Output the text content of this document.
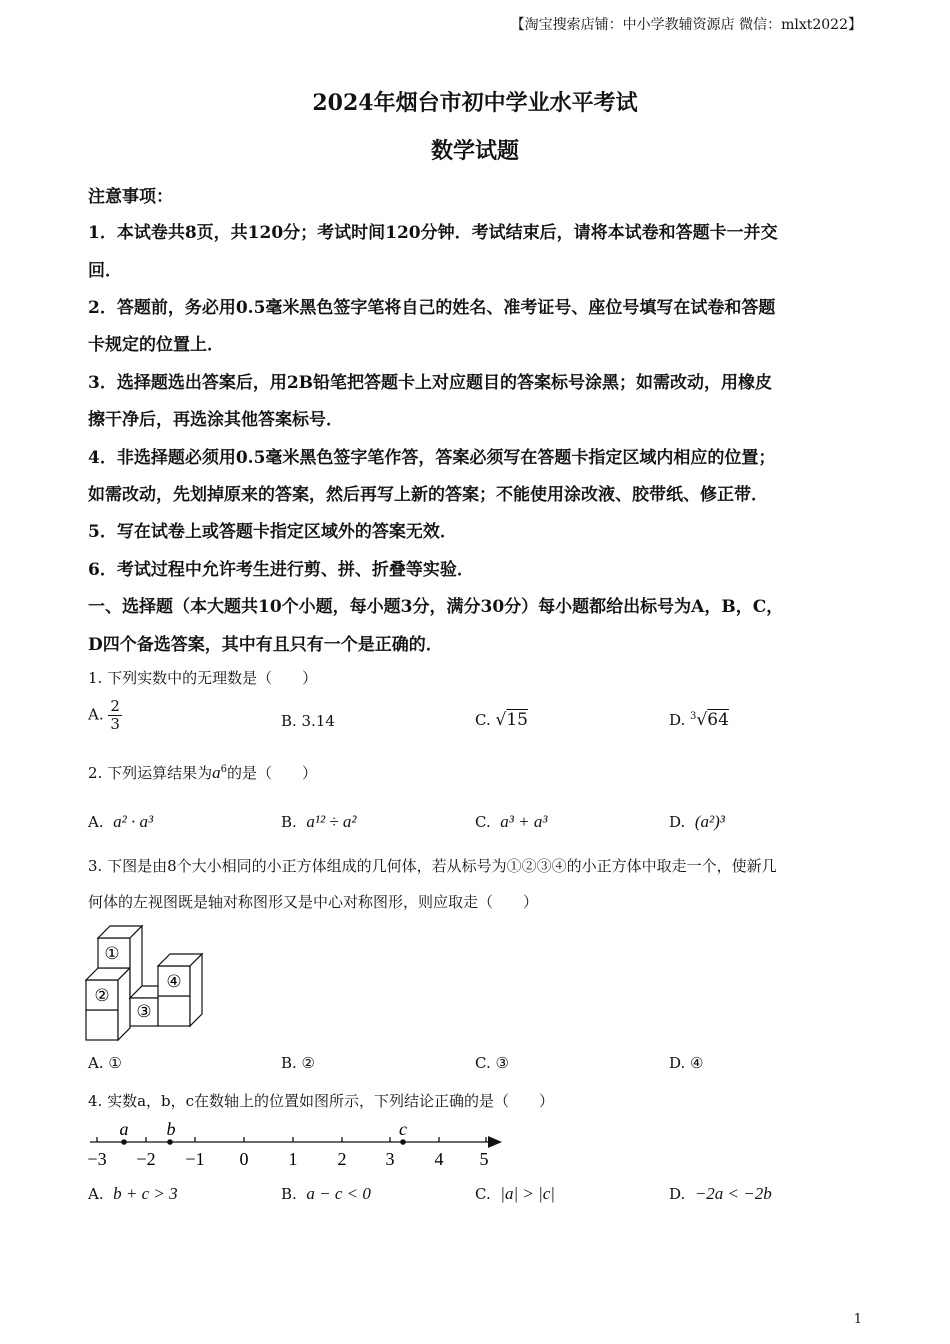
【淘宝搜索店铺：中小学教辅资源店 微信：mlxt2022】
2024年烟台市初中学业水平考试
数学试题
注意事项：
1．本试卷共8页，共120分；考试时间120分钟．考试结束后，请将本试卷和答题卡一并交
回．
2．答题前，务必用0.5毫米黑色签字笔将自己的姓名、准考证号、座位号填写在试卷和答题
卡规定的位置上．
3．选择题选出答案后，用2B铅笔把答题卡上对应题目的答案标号涂黑；如需改动，用橡皮
擦干净后，再选涂其他答案标号．
4．非选择题必须用0.5毫米黑色签字笔作答，答案必须写在答题卡指定区域内相应的位置；
如需改动，先划掉原来的答案，然后再写上新的答案；不能使用涂改液、胶带纸、修正带．
5．写在试卷上或答题卡指定区域外的答案无效．
6．考试过程中允许考生进行剪、拼、折叠等实验．
一、选择题（本大题共10个小题，每小题3分，满分30分）每小题都给出标号为A，B，C，
D四个备选答案，其中有且只有一个是正确的．
1. 下列实数中的无理数是（　　）
A. $\frac{2}{3}$	B. 3.14	C. √15	D. $^3$√64
2. 下列运算结果为$a^6$的是（　　）
A. a² · a³	B. a¹² ÷ a²	C. a³ + a³	D. (a²)³
3. 下图是由8个大小相同的小正方体组成的几何体，若从标号为①②③④的小正方体中取走一个，使新几
何体的左视图既是轴对称图形又是中心对称图形，则应取走（　　）
①
②
③
④
A. ①	B. ②	C. ③	D. ④
4. 实数a，b，c在数轴上的位置如图所示，下列结论正确的是（　　）
−3 −2 −1 0 1 2 3 4 5
a b	c
A. b + c > 3	B. a − c < 0	C. |a| > |c|	D. −2a < −2b
1
